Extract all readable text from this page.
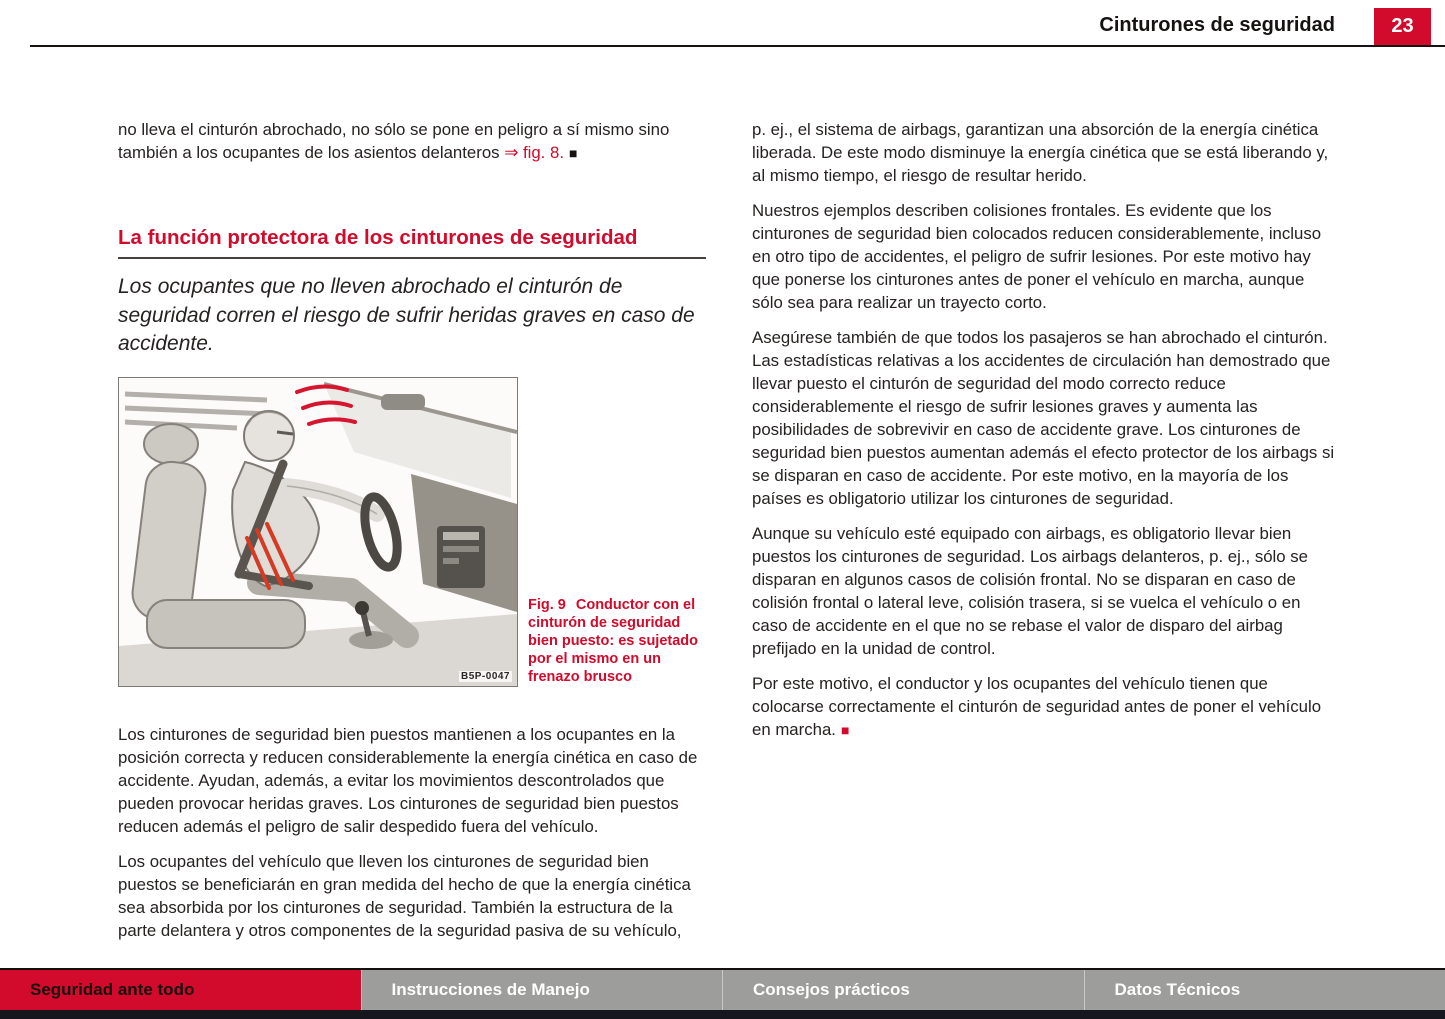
Cinturones de seguridad	23

no lleva el cinturón abrochado, no sólo se pone en peligro a sí mismo sino también a los ocupantes de los asientos delanteros ⇒ fig. 8. ■

La función protectora de los cinturones de seguridad

Los ocupantes que no lleven abrochado el cinturón de seguridad corren el riesgo de sufrir heridas graves en caso de accidente.

B5P-0047
Fig. 9 Conductor con el cinturón de seguridad bien puesto: es sujetado por el mismo en un frenazo brusco

Los cinturones de seguridad bien puestos mantienen a los ocupantes en la posición correcta y reducen considerablemente la energía cinética en caso de accidente. Ayudan, además, a evitar los movimientos descontrolados que pueden provocar heridas graves. Los cinturones de seguridad bien puestos reducen además el peligro de salir despedido fuera del vehículo.

Los ocupantes del vehículo que lleven los cinturones de seguridad bien puestos se beneficiarán en gran medida del hecho de que la energía cinética sea absorbida por los cinturones de seguridad. También la estructura de la parte delantera y otros componentes de la seguridad pasiva de su vehículo,

p. ej., el sistema de airbags, garantizan una absorción de la energía cinética liberada. De este modo disminuye la energía cinética que se está liberando y, al mismo tiempo, el riesgo de resultar herido.

Nuestros ejemplos describen colisiones frontales. Es evidente que los cinturones de seguridad bien colocados reducen considerablemente, incluso en otro tipo de accidentes, el peligro de sufrir lesiones. Por este motivo hay que ponerse los cinturones antes de poner el vehículo en marcha, aunque sólo sea para realizar un trayecto corto.

Asegúrese también de que todos los pasajeros se han abrochado el cinturón. Las estadísticas relativas a los accidentes de circulación han demostrado que llevar puesto el cinturón de seguridad del modo correcto reduce considerablemente el riesgo de sufrir lesiones graves y aumenta las posibilidades de sobrevivir en caso de accidente grave. Los cinturones de seguridad bien puestos aumentan además el efecto protector de los airbags si se disparan en caso de accidente. Por este motivo, en la mayoría de los países es obligatorio utilizar los cinturones de seguridad.

Aunque su vehículo esté equipado con airbags, es obligatorio llevar bien puestos los cinturones de seguridad. Los airbags delanteros, p. ej., sólo se disparan en algunos casos de colisión frontal. No se disparan en caso de colisión frontal o lateral leve, colisión trasera, si se vuelca el vehículo o en caso de accidente en el que no se rebase el valor de disparo del airbag prefijado en la unidad de control.

Por este motivo, el conductor y los ocupantes del vehículo tienen que colocarse correctamente el cinturón de seguridad antes de poner el vehículo en marcha. ■

Seguridad ante todo	Instrucciones de Manejo	Consejos prácticos	Datos Técnicos
